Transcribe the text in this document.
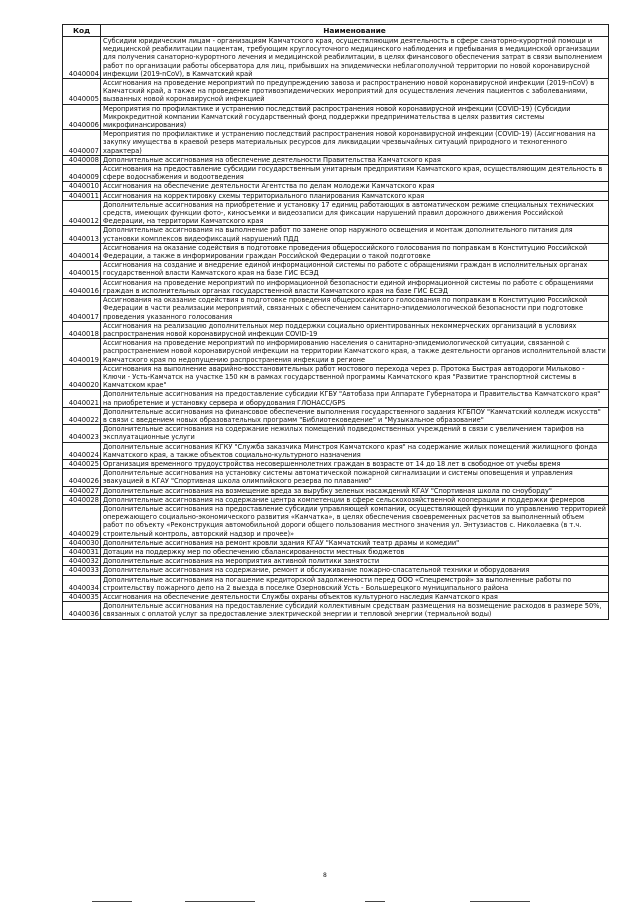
Код	Наименование
4040004	Субсидии юридическим лицам - организациям Камчатского края, осуществляющим деятельность в сфере санаторно-курортной помощи и медицинской реабилитации пациентам, требующим круглосуточного медицинского наблюдения и пребывания в медицинской организации для получения санаторно-курортного лечения и медицинской реабилитации, в целях финансового обеспечения затрат в связи выполнением работ по организации работы обсерватора для лиц, прибывших на эпидемически неблагополучной территории по новой коронавирусной инфекции (2019-nCoV), в Камчатский край
4040005	Ассигнования на проведение мероприятий по предупреждению завоза и распространению новой коронавирусной инфекции (2019-nCoV) в Камчатский край, а также на проведение противоэпидемических мероприятий для осуществления лечения пациентов с заболеваниями, вызванных новой коронавирусной инфекцией
4040006	Мероприятия по профилактике и устранению последствий распространения новой коронавирусной инфекции (COVID-19) (Субсидии Микрокредитной компании Камчатский государственный фонд поддержки предпринимательства в целях развития системы микрофинансирования)
4040007	Мероприятия по профилактике и устранению последствий распространения новой коронавирусной инфекции (COVID-19) (Ассигнования на закупку имущества в краевой резерв материальных ресурсов для ликвидации чрезвычайных ситуаций природного и техногенного характера)
4040008	Дополнительные ассигнования на обеспечение деятельности Правительства Камчатского края
4040009	Ассигнования на предоставление субсидии государственным унитарным предприятиям Камчатского края, осуществляющим деятельность в сфере водоснабжения и водоотведения
4040010	Ассигнования на обеспечение деятельности Агентства по делам молодежи Камчатского края
4040011	Ассигнования на корректировку схемы территориального планирования Камчатского края
4040012	Дополнительные ассигнования на приобретение и установку 17 единиц работающих в автоматическом режиме специальных технических средств, имеющих функции фото-, киносъемки и видеозаписи для фиксации нарушений правил дорожного движения Российской Федерации, на территории Камчатского края
4040013	Дополнительные ассигнования на выполнение работ по замене опор наружного освещения и монтаж дополнительного питания для установки комплексов видеофиксаций нарушений ПДД
4040014	Ассигнования на оказание содействия в подготовке проведения общероссийского голосования по поправкам в Конституцию Российской Федерации, а также в информировании граждан Российской Федерации о такой подготовке
4040015	Ассигнования на создание и внедрение единой информационной системы по работе с обращениями граждан в исполнительных органах государственной власти Камчатского края на базе ГИС ЕСЭД
4040016	Ассигнования на проведение мероприятий по информационной безопасности единой информационной системы по работе с обращениями граждан в исполнительных органах государственной власти Камчатского края на базе ГИС ЕСЭД
4040017	Ассигнования на оказание содействия в подготовке проведения общероссийского голосования по поправкам в Конституцию Российской Федерации в части реализации мероприятий, связанных с обеспечением санитарно-эпидемиологической безопасности при подготовке проведения указанного голосования
4040018	Ассигнования на реализацию дополнительных мер поддержки социально ориентированных некоммерческих организаций в условиях распространения новой коронавирусной инфекции COVID-19
4040019	Ассигнования на проведение мероприятий по информированию населения о санитарно-эпидемиологической ситуации, связанной с распространением новой коронавирусной инфекции на территории Камчатского края, а также деятельности органов исполнительной власти Камчатского края по недопущению распространения инфекции в регионе
4040020	Ассигнования на выполнение аварийно-восстановительных работ мостового перехода через р. Протока Быстрая автодороги Мильково - Ключи - Усть-Камчатск на участке 150 км в рамках государственной программы Камчатского края "Развитие транспортной системы в Камчатском крае"
4040021	Дополнительные ассигнования на предоставление субсидии КГБУ "Автобаза при Аппарате Губернатора и Правительства Камчатского края" на приобретение и установку сервера и оборудования ГЛОНАСС/GPS
4040022	Дополнительные ассигнования на финансовое обеспечение выполнения государственного задания КГБПОУ "Камчатский колледж искусств" в связи с введением новых образовательных программ "Библиотековедение" и "Музыкальное образование"
4040023	Дополнительные ассигнования на содержание нежилых помещений подведомственных учреждений в связи с увеличением тарифов на эксплуатационные услуги
4040024	Дополнительные ассигнования КГКУ "Служба заказчика Минстроя Камчатского края" на содержание жилых помещений жилищного фонда Камчатского края, а также объектов социально-культурного назначения
4040025	Организация временного трудоустройства несовершеннолетних граждан в возрасте от 14 до 18 лет в свободное от учебы время
4040026	Дополнительные ассигнования на установку системы автоматической пожарной сигнализации и системы оповещения и управления эвакуацией в КГАУ "Спортивная школа олимпийского резерва по плаванию"
4040027	Дополнительные ассигнования на возмещение вреда за вырубку зеленых насаждений КГАУ "Спортивная школа по сноуборду"
4040028	Дополнительные ассигнования на содержание центра компетенции в сфере сельскохозяйственной кооперации и поддержки фермеров
4040029	Дополнительные ассигнования на предоставление субсидии управляющей компании, осуществляющей функции по управлению территорией опережающего социально-экономического развития «Камчатка», в целях обеспечения своевременных расчетов за выполненный объем работ по объекту «Реконструкция автомобильной дороги общего пользования местного значения ул. Энтузиастов с. Николаевка (в т.ч. строительный контроль, авторский надзор и прочее)»
4040030	Дополнительные ассигнования на ремонт кровли здания КГАУ "Камчатский театр драмы и комедии"
4040031	Дотации на поддержку мер по обеспечению сбалансированности местных бюджетов
4040032	Дополнительные ассигнования на мероприятия активной политики занятости
4040033	Дополнительные ассигнования на содержание, ремонт и обслуживание пожарно-спасательной техники и оборудования
4040034	Дополнительные ассигнования на погашение кредиторской задолженности перед ООО «Спецремстрой» за выполненные работы по строительству пожарного депо на 2 выезда в поселке Озерновский Усть - Большерецкого муниципального района
4040035	Ассигнования на обеспечение деятельности Службы охраны объектов культурного наследия Камчатского края
4040036	Дополнительные ассигнования на предоставление субсидий коллективным средствам размещения на возмещение расходов в размере 50%, связанных с оплатой услуг за предоставление электрической энергии и тепловой энергии (термальной воды)
8
